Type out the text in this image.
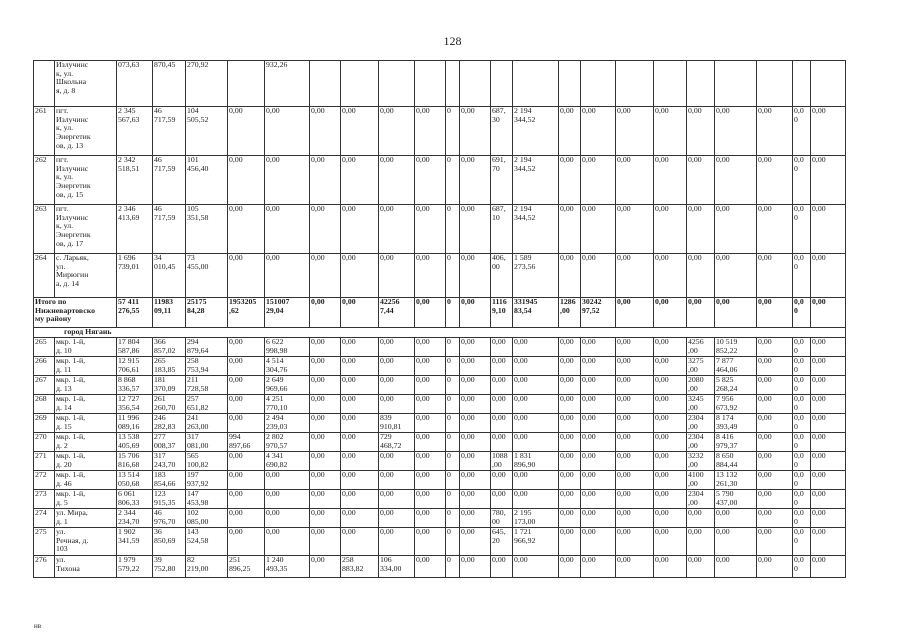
128
	Излучинс
к, ул.
Школьна
я, д. 8	073,63	870,45	270,92		932,26																			
261	пгт.
Излучинс
к, ул.
Энергетик
ов, д. 13	2 345
567,63	46
717,59	104
505,52	0,00	0,00	0,00	0,00	0,00	0,00	0	0,00	687,
30	2 194
344,52	0,00	0,00	0,00	0,00	0,00	0,00	0,00	0,0
0	0,00	
262	пгт.
Излучинс
к, ул.
Энергетик
ов, д. 15	2 342
518,51	46
717,59	101
456,40	0,00	0,00	0,00	0,00	0,00	0,00	0	0,00	691,
70	2 194
344,52	0,00	0,00	0,00	0,00	0,00	0,00	0,00	0,0
0	0,00	
263	пгт.
Излучинс
к, ул.
Энергетик
ов, д. 17	2 346
413,69	46
717,59	105
351,58	0,00	0,00	0,00	0,00	0,00	0,00	0	0,00	687,
10	2 194
344,52	0,00	0,00	0,00	0,00	0,00	0,00	0,00	0,0
0	0,00	
264	с. Ларьяк,
ул.
Мирюгин
а, д. 14	1 696
739,01	34
010,45	73
455,00	0,00	0,00	0,00	0,00	0,00	0,00	0	0,00	406,
00	1 589
273,56	0,00	0,00	0,00	0,00	0,00	0,00	0,00	0,0
0	0,00	
Итого по
Нижневартовско
му району		57 411
276,55	11983
09,11	25175
84,28	1953205
,62	151007
29,04	0,00	0,00	42256
7,44	0,00	0	0,00	1116
9,10	331945
83,54	1286
,00	30242
97,52	0,00	0,00	0,00	0,00	0,00	0,0
0	0,00	
город Нягань																								
265	мкр. 1-й,
д. 10	17 804
587,86	366
857,02	294
879,64	0,00	6 622
998,98	0,00	0,00	0,00	0,00	0	0,00	0,00	0,00	0,00	0,00	0,00	0,00	4256
,00	10 519
852,22	0,00	0,0
0	0,00	
266	мкр. 1-й,
д. 11	12 915
706,61	265
183,85	258
753,94	0,00	4 514
304,76	0,00	0,00	0,00	0,00	0	0,00	0,00	0,00	0,00	0,00	0,00	0,00	3275
,00	7 877
464,06	0,00	0,0
0	0,00	
267	мкр. 1-й,
д. 13	8 868
336,57	181
370,09	211
728,58	0,00	2 649
969,66	0,00	0,00	0,00	0,00	0	0,00	0,00	0,00	0,00	0,00	0,00	0,00	2080
,00	5 825
268,24	0,00	0,0
0	0,00	
268	мкр. 1-й,
д. 14	12 727
356,54	261
260,70	257
651,82	0,00	4 251
770,10	0,00	0,00	0,00	0,00	0	0,00	0,00	0,00	0,00	0,00	0,00	0,00	3245
,00	7 956
673,92	0,00	0,0
0	0,00	
269	мкр. 1-й,
д. 15	11 996
089,16	246
282,83	241
263,00	0,00	2 494
239,03	0,00	0,00	839
910,81	0,00	0	0,00	0,00	0,00	0,00	0,00	0,00	0,00	2304
,00	8 174
393,49	0,00	0,0
0	0,00	
270	мкр. 1-й,
д. 2	13 538
405,69	277
008,37	317
081,00	994
897,66	2 802
970,57	0,00	0,00	729
468,72	0,00	0	0,00	0,00	0,00	0,00	0,00	0,00	0,00	2304
,00	8 416
979,37	0,00	0,0
0	0,00	
271	мкр. 1-й,
д. 20	15 706
816,68	317
243,70	565
100,82	0,00	4 341
690,82	0,00	0,00	0,00	0,00	0	0,00	1088
,00	1 831
896,90	0,00	0,00	0,00	0,00	3232
,00	8 650
884,44	0,00	0,0
0	0,00	
272	мкр. 1-й,
д. 46	13 514
050,68	183
854,66	197
937,92	0,00	0,00	0,00	0,00	0,00	0,00	0	0,00	0,00	0,00	0,00	0,00	0,00	0,00	4100
,00	13 132
261,30	0,00	0,0
0	0,00	
273	мкр. 1-й,
д. 5	6 061
806,33	123
915,35	147
453,98	0,00	0,00	0,00	0,00	0,00	0,00	0	0,00	0,00	0,00	0,00	0,00	0,00	0,00	2304
,00	5 790
437,00	0,00	0,0
0	0,00	
274	ул. Мира,
д. 1	2 344
234,70	46
976,70	102
085,00	0,00	0,00	0,00	0,00	0,00	0,00	0	0,00	780,
00	2 195
173,00	0,00	0,00	0,00	0,00	0,00	0,00	0,00	0,0
0	0,00	
275	ул.
Речная, д.
103	1 902
341,59	36
850,69	143
524,58	0,00	0,00	0,00	0,00	0,00	0,00	0	0,00	645,
20	1 721
966,92	0,00	0,00	0,00	0,00	0,00	0,00	0,00	0,0
0	0,00	
276	ул.
Тихона	1 979
579,22	39
752,80	82
219,00	251
896,25	1 240
493,35	0,00	258
883,82	106
334,00	0,00	0	0,00	0,00	0,00	0,00	0,00	0,00	0,00	0,00	0,00	0,00	0,0
0	0,00	
нв
